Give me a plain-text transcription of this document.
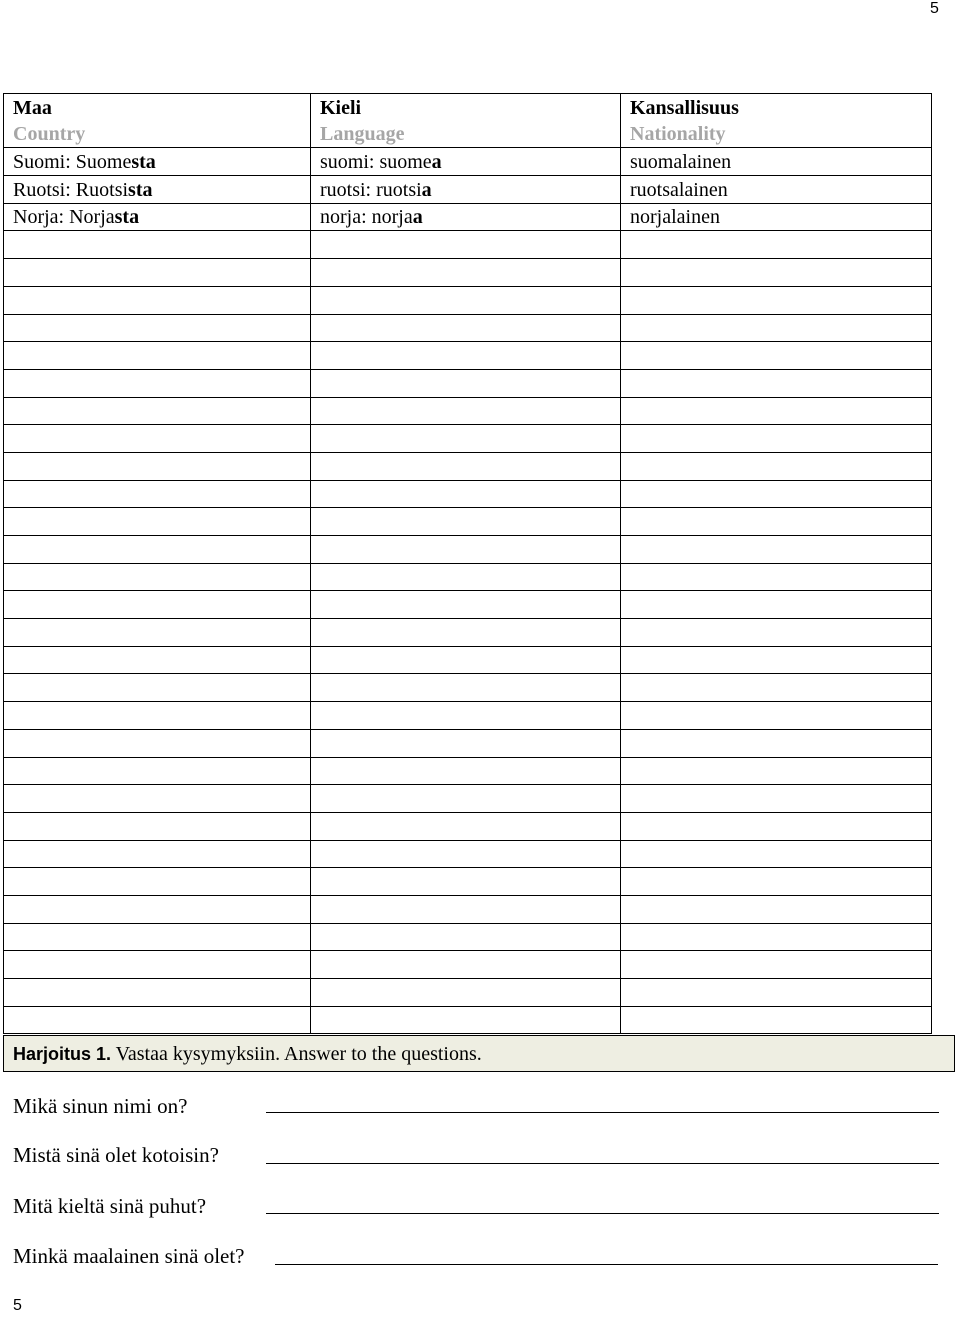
5
Maa	Kieli	Kansallisuus
Country	Language	Nationality
Suomi: Suomesta	suomi: suomea	suomalainen
Ruotsi: Ruotsista	ruotsi: ruotsia	ruotsalainen
Norja: Norjasta	norja: norjaa	norjalainen

Harjoitus 1. Vastaa kysymyksiin. Answer to the questions.
Mikä sinun nimi on?
Mistä sinä olet kotoisin?
Mitä kieltä sinä puhut?
Minkä maalainen sinä olet?
5
